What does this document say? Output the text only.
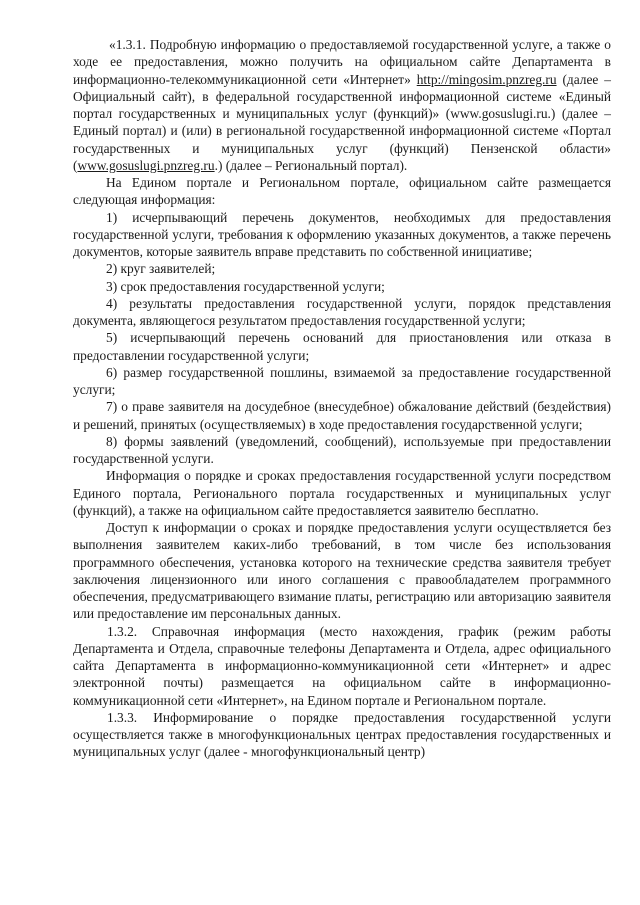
«1.3.1. Подробную информацию о предоставляемой государственной услуге, а также о ходе ее предоставления, можно получить на официальном сайте Департамента в информационно-телекоммуникационной сети «Интернет» http://mingosim.pnzreg.ru (далее – Официальный сайт), в федеральной государственной информационной системе «Единый портал государственных и муниципальных услуг (функций)» (www.gosuslugi.ru.) (далее – Единый портал) и (или) в региональной государственной информационной системе «Портал государственных и муниципальных услуг (функций) Пензенской области» (www.gosuslugi.pnzreg.ru.) (далее – Региональный портал).

На Едином портале и Региональном портале, официальном сайте размещается следующая информация:

1) исчерпывающий перечень документов, необходимых для предоставления государственной услуги, требования к оформлению указанных документов, а также перечень документов, которые заявитель вправе представить по собственной инициативе;

2) круг заявителей;

3) срок предоставления государственной услуги;

4) результаты предоставления государственной услуги, порядок представления документа, являющегося результатом предоставления государственной услуги;

5) исчерпывающий перечень оснований для приостановления или отказа в предоставлении государственной услуги;

6) размер государственной пошлины, взимаемой за предоставление государственной услуги;

7) о праве заявителя на досудебное (внесудебное) обжалование действий (бездействия) и решений, принятых (осуществляемых) в ходе предоставления государственной услуги;

8) формы заявлений (уведомлений, сообщений), используемые при предоставлении государственной услуги.

Информация о порядке и сроках предоставления государственной услуги посредством Единого портала, Регионального портала государственных и муниципальных услуг (функций), а также на официальном сайте предоставляется заявителю бесплатно.

Доступ к информации о сроках и порядке предоставления услуги осуществляется без выполнения заявителем каких-либо требований, в том числе без использования программного обеспечения, установка которого на технические средства заявителя требует заключения лицензионного или иного соглашения с правообладателем программного обеспечения, предусматривающего взимание платы, регистрацию или авторизацию заявителя или предоставление им персональных данных.

1.3.2. Справочная информация (место нахождения, график (режим работы Департамента и Отдела, справочные телефоны Департамента и Отдела, адрес официального сайта Департамента в информационно-коммуникационной сети «Интернет» и адрес электронной почты) размещается на официальном сайте в информационно-коммуникационной сети «Интернет», на Едином портале и Региональном портале.

1.3.3. Информирование о порядке предоставления государственной услуги осуществляется также в многофункциональных центрах предоставления государственных и муниципальных услуг (далее - многофункциональный центр)
